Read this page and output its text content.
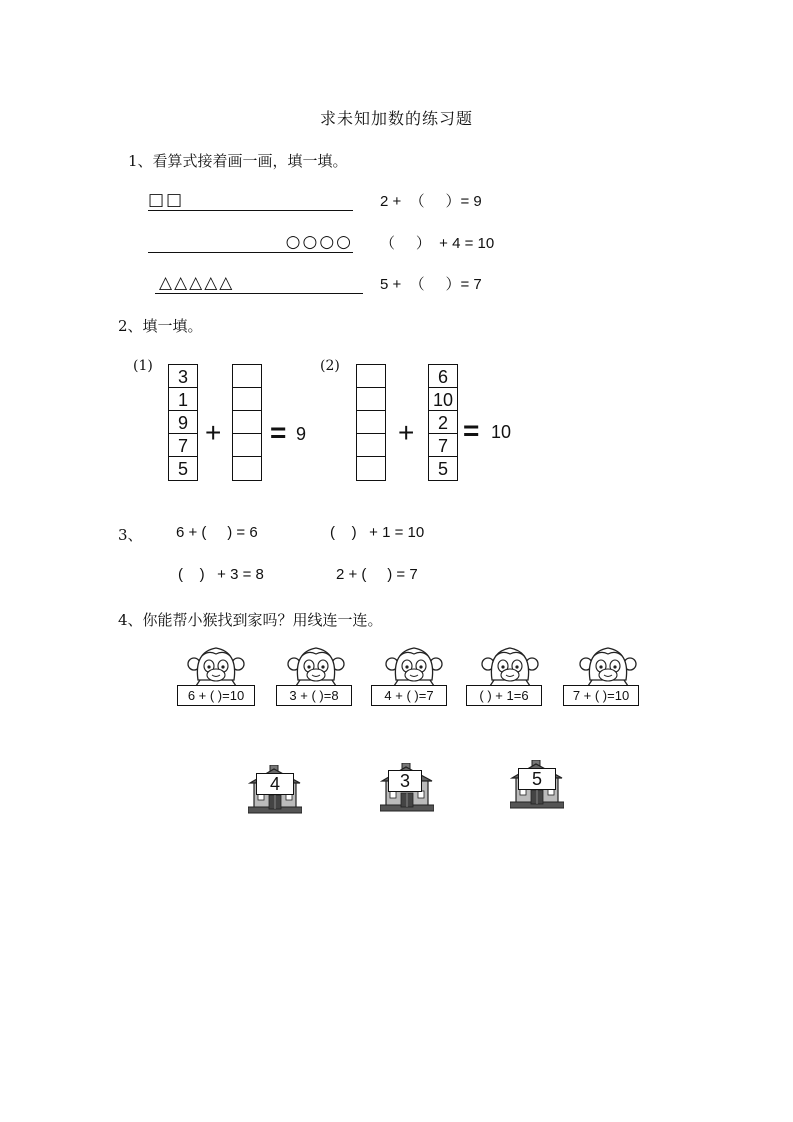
求未知加数的练习题
1、看算式接着画一画，填一填。
□□	2 +  （     ）= 9
○○○○ （     ）  + 4 = 10
△△△△△	5 +  （     ）= 7
2、填一填。
(1)
3
1
9
7
5
+ = 9
(2)
+
6
10
2
7
5
= 10
3、 6 + (     ) = 6	(    )   + 1 = 10
(    )   + 3 = 8	2 + (     ) = 7
4、你能帮小猴找到家吗？用线连一连。
6 + ( )=10	3 + ( )=8	4 + ( )=7	( ) + 1=6	7 + ( )=10
4	3	5
